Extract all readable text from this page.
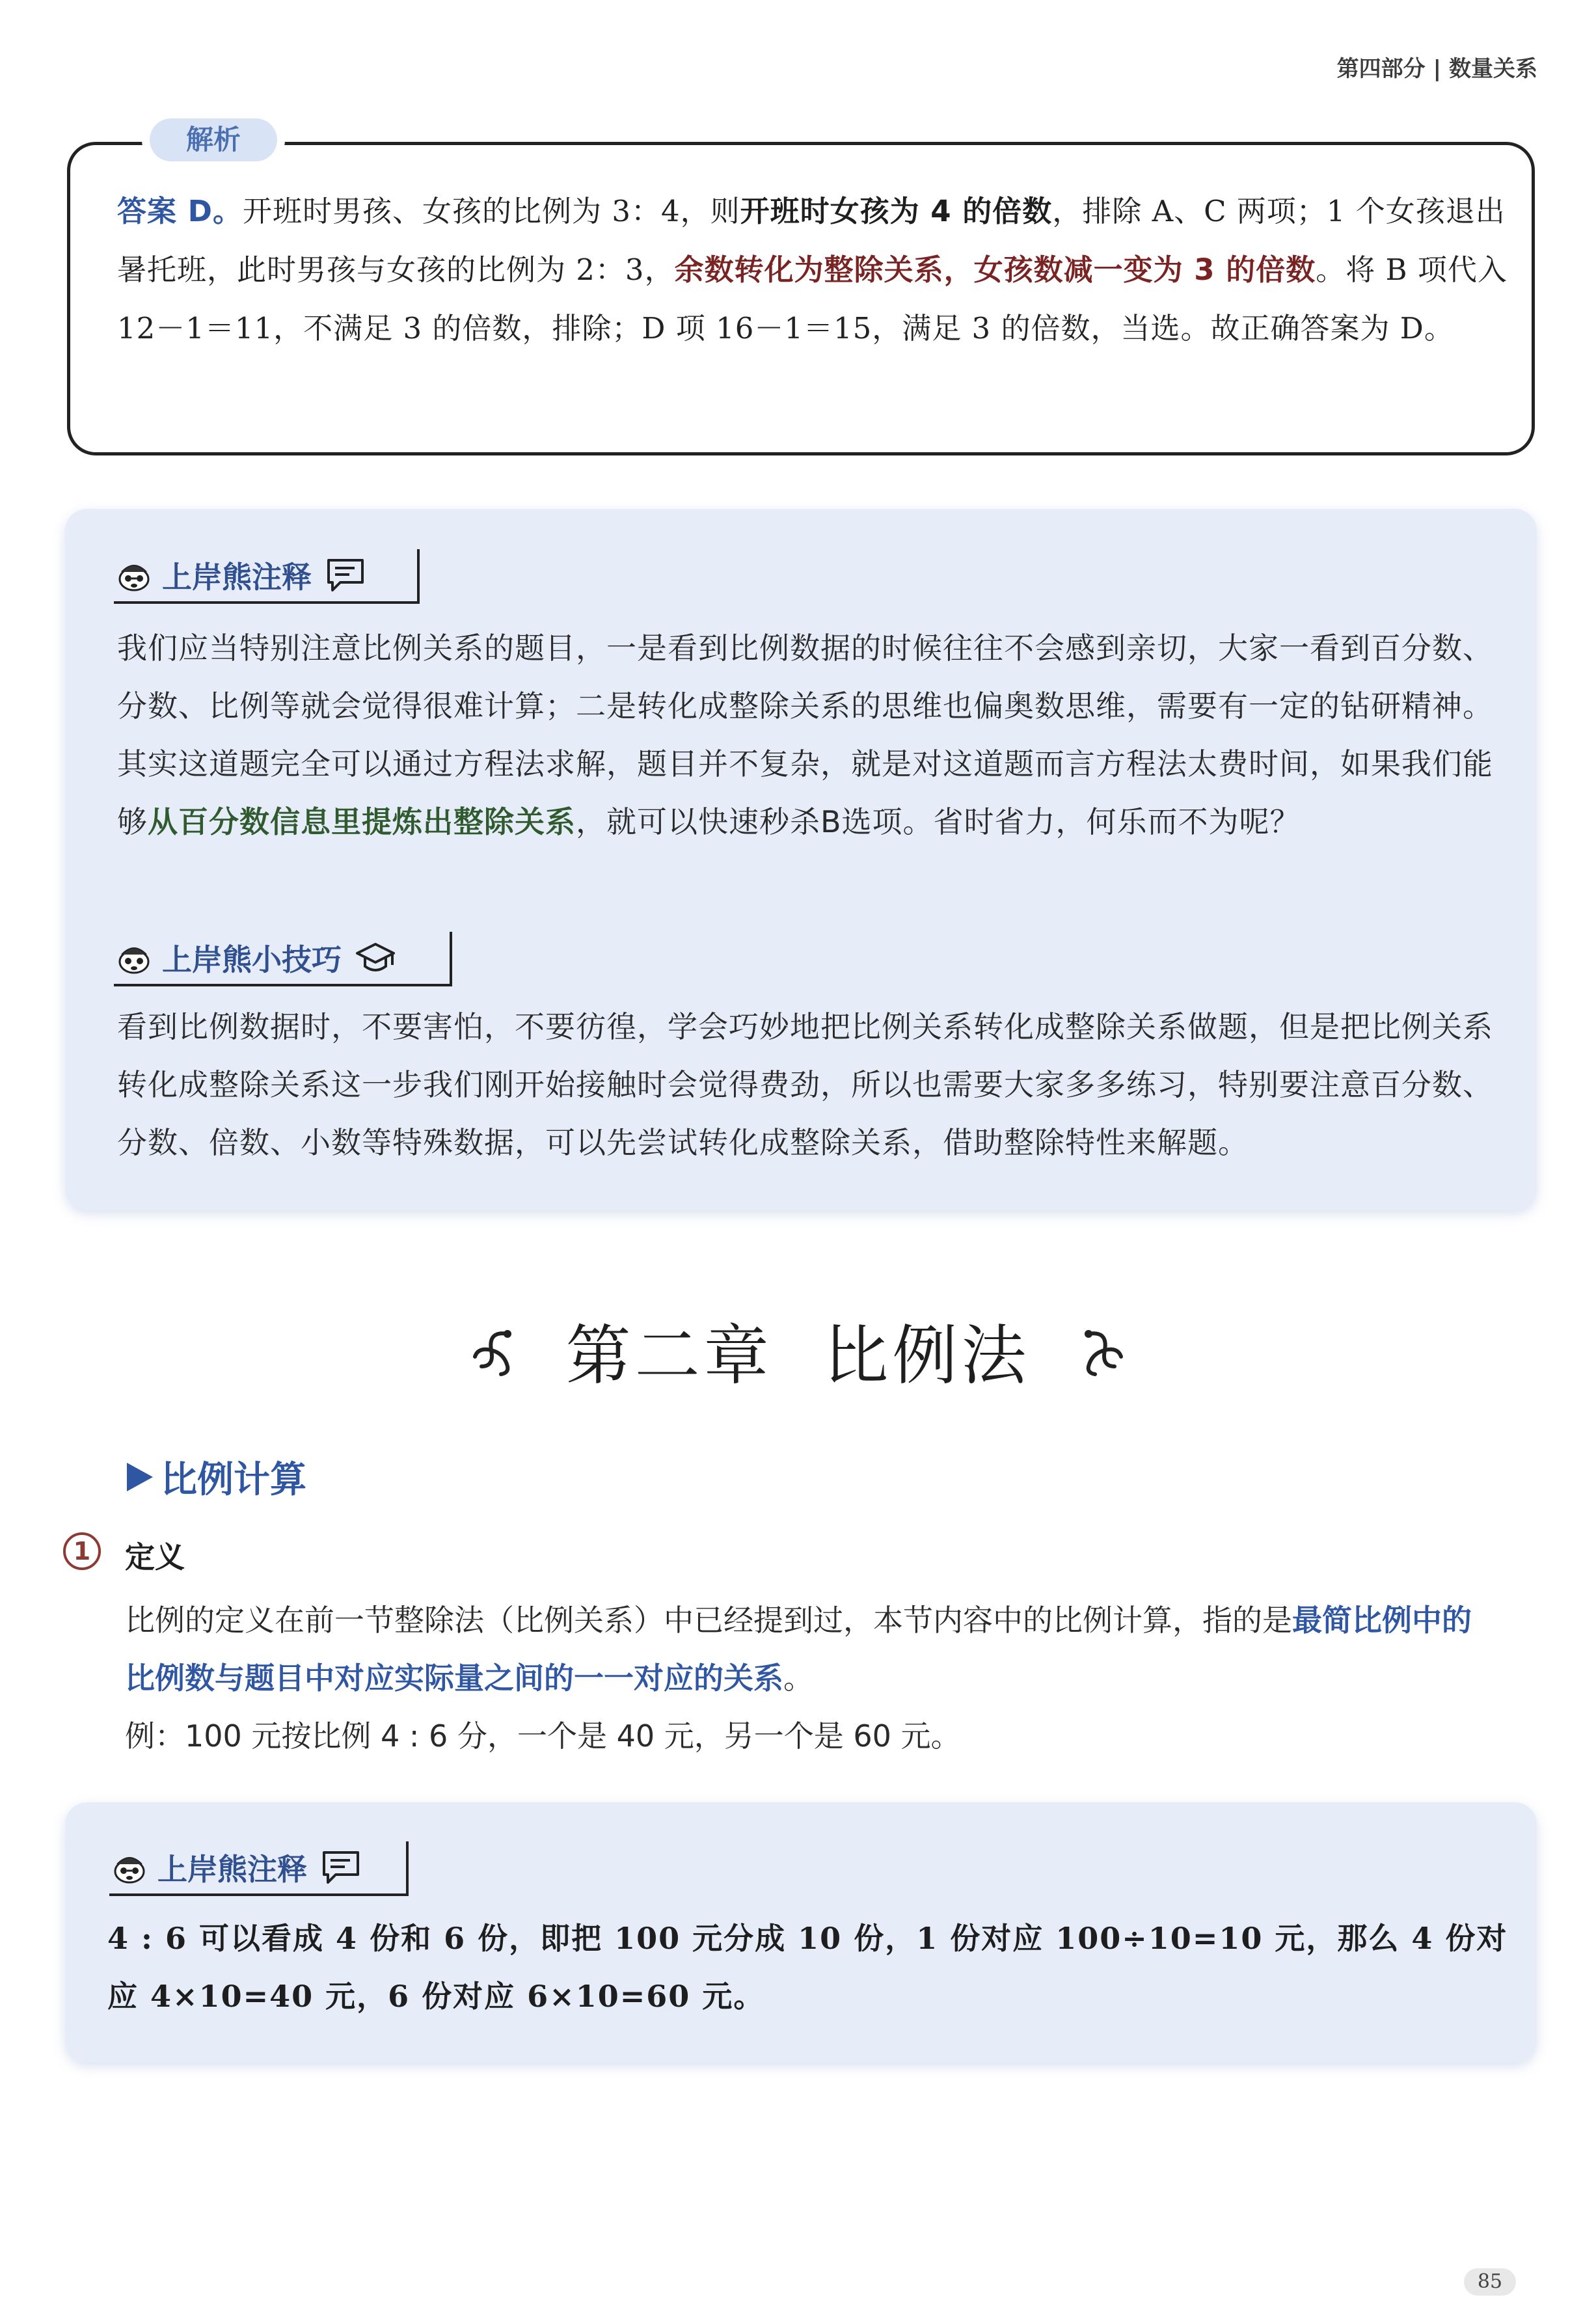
第四部分 | 数量关系
解析
答案 D。开班时男孩、女孩的比例为 3：4，则开班时女孩为 4 的倍数，排除 A、C 两项；1 个女孩退出暑托班，此时男孩与女孩的比例为 2：3，余数转化为整除关系，女孩数减一变为 3 的倍数。将 B 项代入 12－1＝11，不满足 3 的倍数，排除；D 项 16－1＝15，满足 3 的倍数，当选。故正确答案为 D。
上岸熊注释
我们应当特别注意比例关系的题目，一是看到比例数据的时候往往不会感到亲切，大家一看到百分数、分数、比例等就会觉得很难计算；二是转化成整除关系的思维也偏奥数思维，需要有一定的钻研精神。其实这道题完全可以通过方程法求解，题目并不复杂，就是对这道题而言方程法太费时间，如果我们能够从百分数信息里提炼出整除关系，就可以快速秒杀B选项。省时省力，何乐而不为呢？
上岸熊小技巧
看到比例数据时，不要害怕，不要彷徨，学会巧妙地把比例关系转化成整除关系做题，但是把比例关系转化成整除关系这一步我们刚开始接触时会觉得费劲，所以也需要大家多多练习，特别要注意百分数、分数、倍数、小数等特殊数据，可以先尝试转化成整除关系，借助整除特性来解题。
第二章 比例法
比例计算
1	定义
比例的定义在前一节整除法（比例关系）中已经提到过，本节内容中的比例计算，指的是最简比例中的比例数与题目中对应实际量之间的一一对应的关系。
例：100 元按比例 4 : 6 分，一个是 40 元，另一个是 60 元。
上岸熊注释
4 : 6 可以看成 4 份和 6 份，即把 100 元分成 10 份，1 份对应 100÷10=10 元，那么 4 份对应 4×10=40 元，6 份对应 6×10=60 元。
85
